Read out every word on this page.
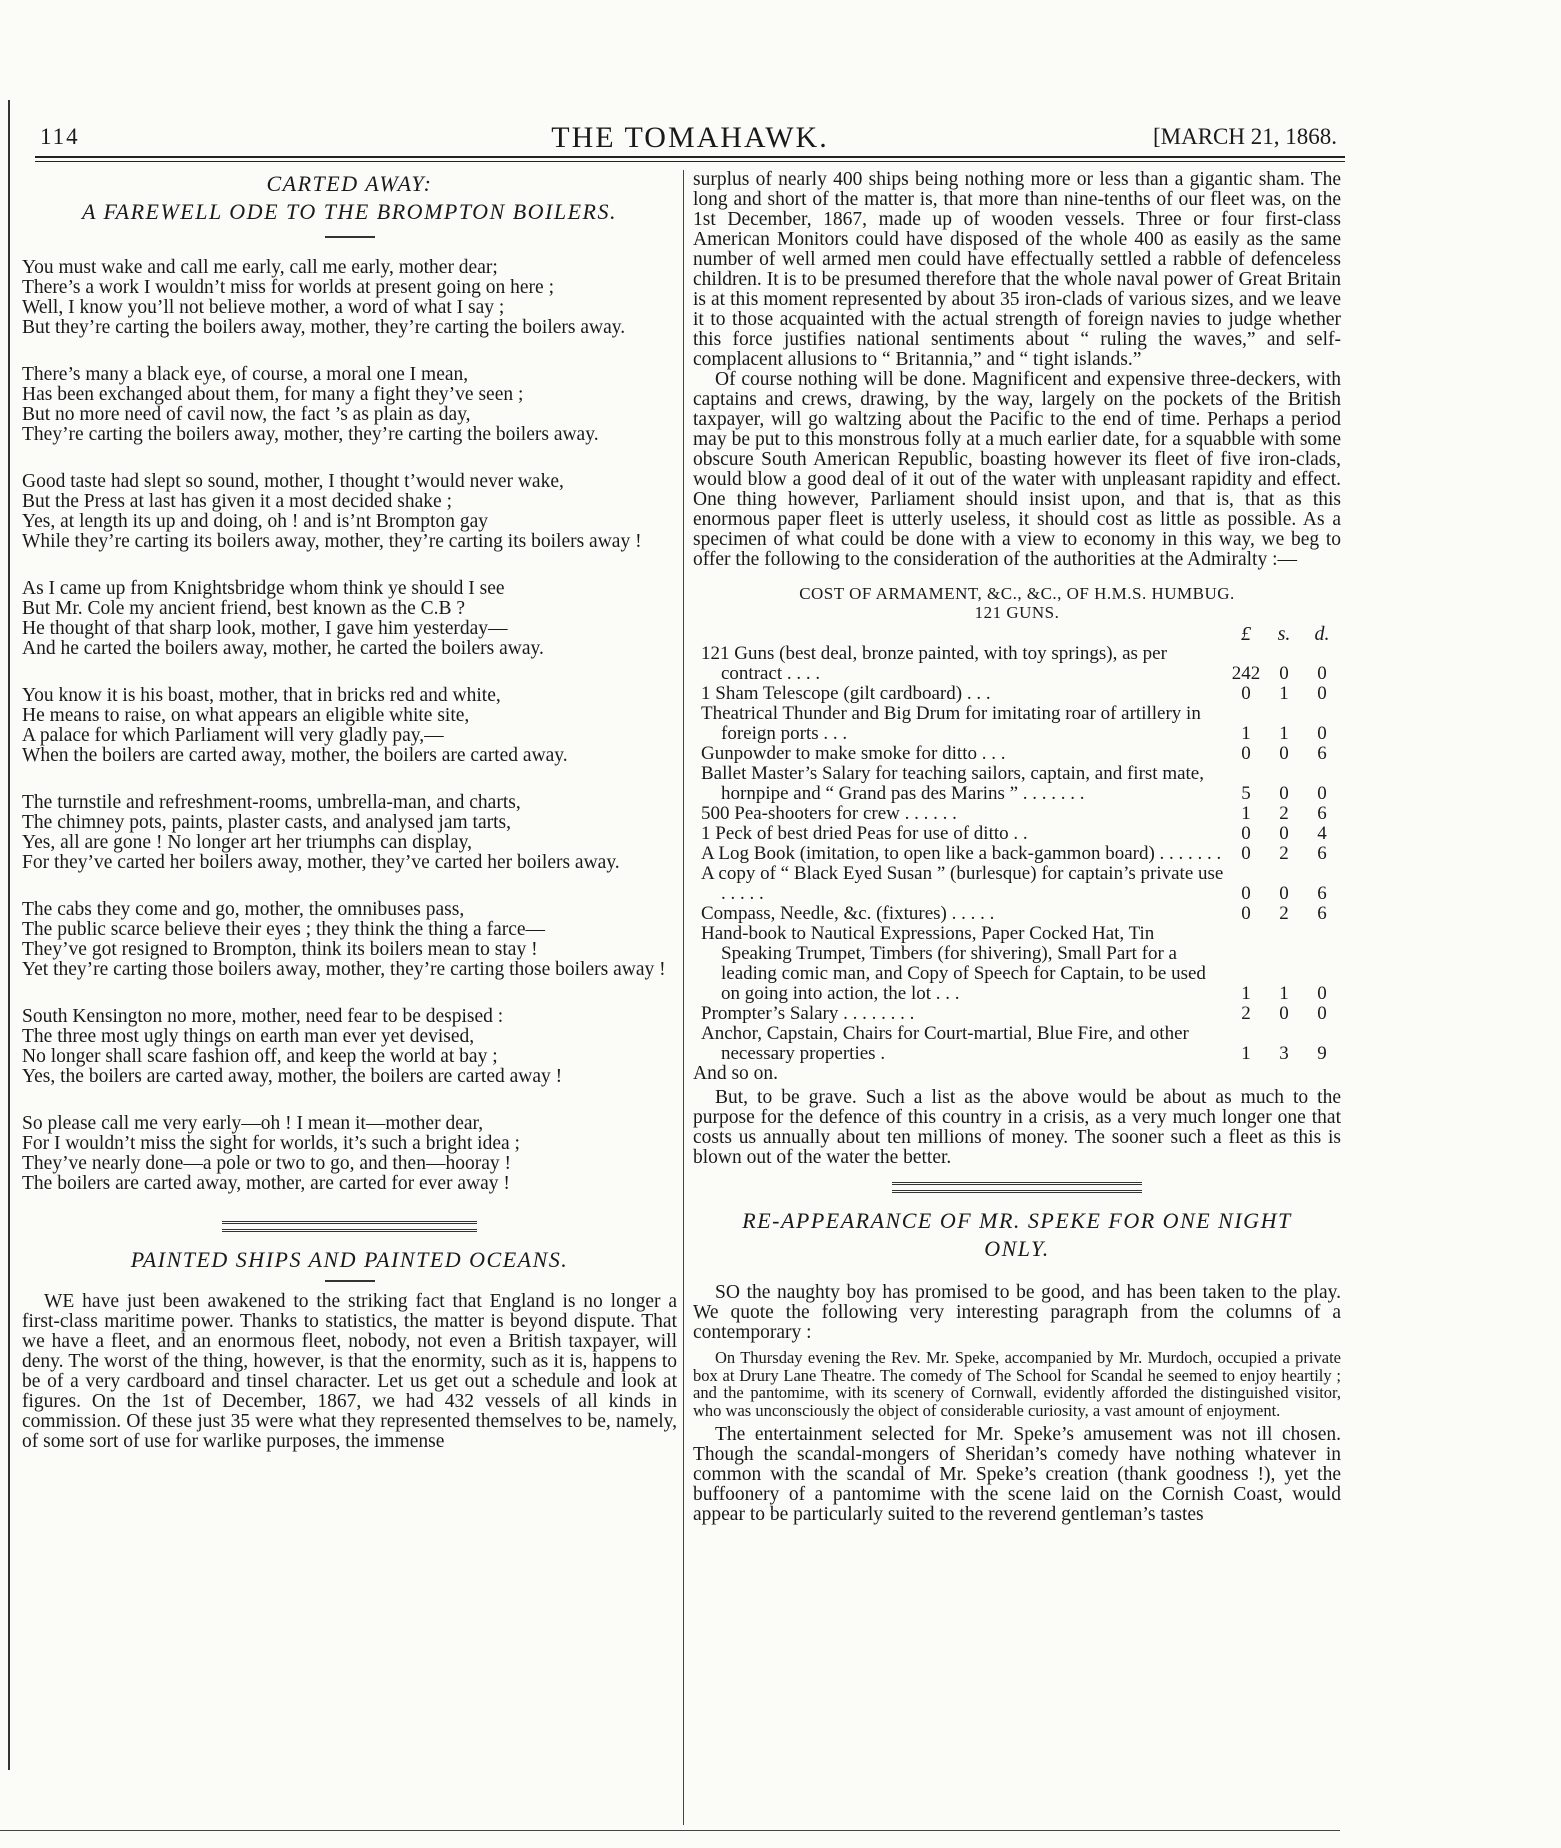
114	THE TOMAHAWK.	[MARCH 21, 1868.
CARTED AWAY:
A FAREWELL ODE TO THE BROMPTON BOILERS.
You must wake and call me early, call me early, mother dear;
There’s a work I wouldn’t miss for worlds at present going on here ;
Well, I know you’ll not believe mother, a word of what I say ;
But they’re carting the boilers away, mother, they’re carting the boilers away.
There’s many a black eye, of course, a moral one I mean,
Has been exchanged about them, for many a fight they’ve seen ;
But no more need of cavil now, the fact ’s as plain as day,
They’re carting the boilers away, mother, they’re carting the boilers away.
Good taste had slept so sound, mother, I thought t’would never wake,
But the Press at last has given it a most decided shake ;
Yes, at length its up and doing, oh ! and is’nt Brompton gay
While they’re carting its boilers away, mother, they’re carting its boilers away !
As I came up from Knightsbridge whom think ye should I see
But Mr. Cole my ancient friend, best known as the C.B ?
He thought of that sharp look, mother, I gave him yesterday—
And he carted the boilers away, mother, he carted the boilers away.
You know it is his boast, mother, that in bricks red and white,
He means to raise, on what appears an eligible white site,
A palace for which Parliament will very gladly pay,—
When the boilers are carted away, mother, the boilers are carted away.
The turnstile and refreshment-rooms, umbrella-man, and charts,
The chimney pots, paints, plaster casts, and analysed jam tarts,
Yes, all are gone ! No longer art her triumphs can display,
For they’ve carted her boilers away, mother, they’ve carted her boilers away.
The cabs they come and go, mother, the omnibuses pass,
The public scarce believe their eyes ; they think the thing a farce—
They’ve got resigned to Brompton, think its boilers mean to stay !
Yet they’re carting those boilers away, mother, they’re carting those boilers away !
South Kensington no more, mother, need fear to be despised :
The three most ugly things on earth man ever yet devised,
No longer shall scare fashion off, and keep the world at bay ;
Yes, the boilers are carted away, mother, the boilers are carted away !
So please call me very early—oh ! I mean it—mother dear,
For I wouldn’t miss the sight for worlds, it’s such a bright idea ;
They’ve nearly done—a pole or two to go, and then—hooray !
The boilers are carted away, mother, are carted for ever away !
PAINTED SHIPS AND PAINTED OCEANS.

WE have just been awakened to the striking fact that England is no longer a first-class maritime power. Thanks to statistics, the matter is beyond dispute. That we have a fleet, and an enormous fleet, nobody, not even a British taxpayer, will deny. The worst of the thing, however, is that the enormity, such as it is, happens to be of a very cardboard and tinsel character. Let us get out a schedule and look at figures. On the 1st of December, 1867, we had 432 vessels of all kinds in commission. Of these just 35 were what they represented themselves to be, namely, of some sort of use for warlike purposes, the immense

surplus of nearly 400 ships being nothing more or less than a gigantic sham. The long and short of the matter is, that more than nine-tenths of our fleet was, on the 1st December, 1867, made up of wooden vessels. Three or four first-class American Monitors could have disposed of the whole 400 as easily as the same number of well armed men could have effectually settled a rabble of defenceless children. It is to be presumed therefore that the whole naval power of Great Britain is at this moment represented by about 35 iron-clads of various sizes, and we leave it to those acquainted with the actual strength of foreign navies to judge whether this force justifies national sentiments about “ ruling the waves,” and self-complacent allusions to “ Britannia,” and “ tight islands.”

Of course nothing will be done. Magnificent and expensive three-deckers, with captains and crews, drawing, by the way, largely on the pockets of the British taxpayer, will go waltzing about the Pacific to the end of time. Perhaps a period may be put to this monstrous folly at a much earlier date, for a squabble with some obscure South American Republic, boasting however its fleet of five iron-clads, would blow a good deal of it out of the water with unpleasant rapidity and effect. One thing however, Parliament should insist upon, and that is, that as this enormous paper fleet is utterly useless, it should cost as little as possible. As a specimen of what could be done with a view to economy in this way, we beg to offer the following to the consideration of the authorities at the Admiralty :—

COST OF ARMAMENT, &C., &C., OF H.M.S. HUMBUG.
121 GUNS.
	£	s.	d.
121 Guns (best deal, bronze painted, with toy springs), as per contract . . . .	242	0	0
1 Sham Telescope (gilt cardboard) . . .	0	1	0
Theatrical Thunder and Big Drum for imitating roar of artillery in foreign ports . . .	1	1	0
Gunpowder to make smoke for ditto . . .	0	0	6
Ballet Master’s Salary for teaching sailors, captain, and first mate, hornpipe and “ Grand pas des Marins ” . . . . . . .	5	0	0
500 Pea-shooters for crew . . . . . .	1	2	6
1 Peck of best dried Peas for use of ditto . .	0	0	4
A Log Book (imitation, to open like a back-gammon board) . . . . . . .	0	2	6
A copy of “ Black Eyed Susan ” (burlesque) for captain’s private use . . . . .	0	0	6
Compass, Needle, &c. (fixtures) . . . . .	0	2	6
Hand-book to Nautical Expressions, Paper Cocked Hat, Tin Speaking Trumpet, Timbers (for shivering), Small Part for a leading comic man, and Copy of Speech for Captain, to be used on going into action, the lot . . .	1	1	0
Prompter’s Salary . . . . . . . .	2	0	0
Anchor, Capstain, Chairs for Court-martial, Blue Fire, and other necessary properties .	1	3	9
And so on.

But, to be grave. Such a list as the above would be about as much to the purpose for the defence of this country in a crisis, as a very much longer one that costs us annually about ten millions of money. The sooner such a fleet as this is blown out of the water the better.

RE-APPEARANCE OF MR. SPEKE FOR ONE NIGHT ONLY.

SO the naughty boy has promised to be good, and has been taken to the play. We quote the following very interesting paragraph from the columns of a contemporary :

On Thursday evening the Rev. Mr. Speke, accompanied by Mr. Murdoch, occupied a private box at Drury Lane Theatre. The comedy of The School for Scandal he seemed to enjoy heartily ; and the pantomime, with its scenery of Cornwall, evidently afforded the distinguished visitor, who was unconsciously the object of considerable curiosity, a vast amount of enjoyment.

The entertainment selected for Mr. Speke’s amusement was not ill chosen. Though the scandal-mongers of Sheridan’s comedy have nothing whatever in common with the scandal of Mr. Speke’s creation (thank goodness !), yet the buffoonery of a pantomime with the scene laid on the Cornish Coast, would appear to be particularly suited to the reverend gentleman’s tastes
